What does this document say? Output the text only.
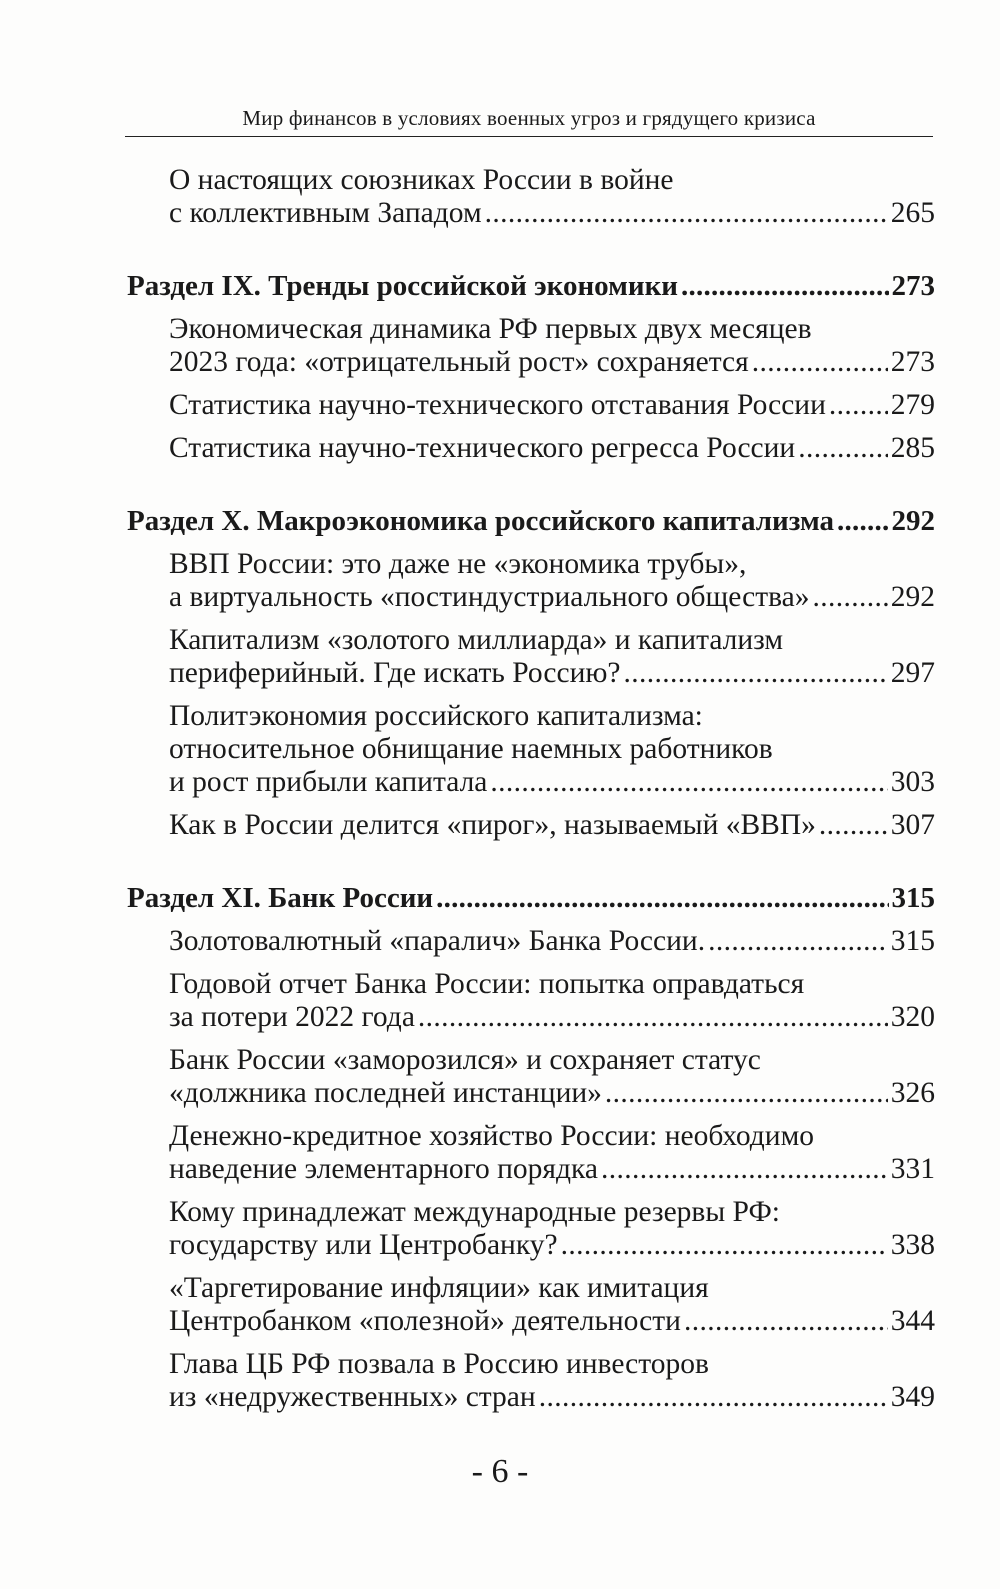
Мир финансов в условиях военных угроз и грядущего кризиса
О настоящих союзниках России в войне
с коллективным Западом . . .	265
Раздел IX. Тренды российской экономики . . .	273
Экономическая динамика РФ первых двух месяцев
2023 года: «отрицательный рост» сохраняется . . .	273
Статистика научно-технического отставания России . . . 279
Статистика научно-технического регресса России . . .	285
Раздел X. Макроэкономика российского капитализма . . . 292
ВВП России: это даже не «экономика трубы»,
а виртуальность «постиндустриального общества» . . .	292
Капитализм «золотого миллиарда» и капитализм
периферийный. Где искать Россию? . . .	297
Политэкономия российского капитализма:
относительное обнищание наемных работников
и рост прибыли капитала . . .	303
Как в России делится «пирог», называемый «ВВП» . . .	307
Раздел XI. Банк России . . .	315
Золотовалютный «паралич» Банка России. . . .	315
Годовой отчет Банка России: попытка оправдаться
за потери 2022 года . . .	320
Банк России «заморозился» и сохраняет статус
«должника последней инстанции» . . .	326
Денежно-кредитное хозяйство России: необходимо
наведение элементарного порядка . . .	331
Кому принадлежат международные резервы РФ:
государству или Центробанку? . . .	338
«Таргетирование инфляции» как имитация
Центробанком «полезной» деятельности . . .	344
Глава ЦБ РФ позвала в Россию инвесторов
из «недружественных» стран . . .	349
- 6 -
